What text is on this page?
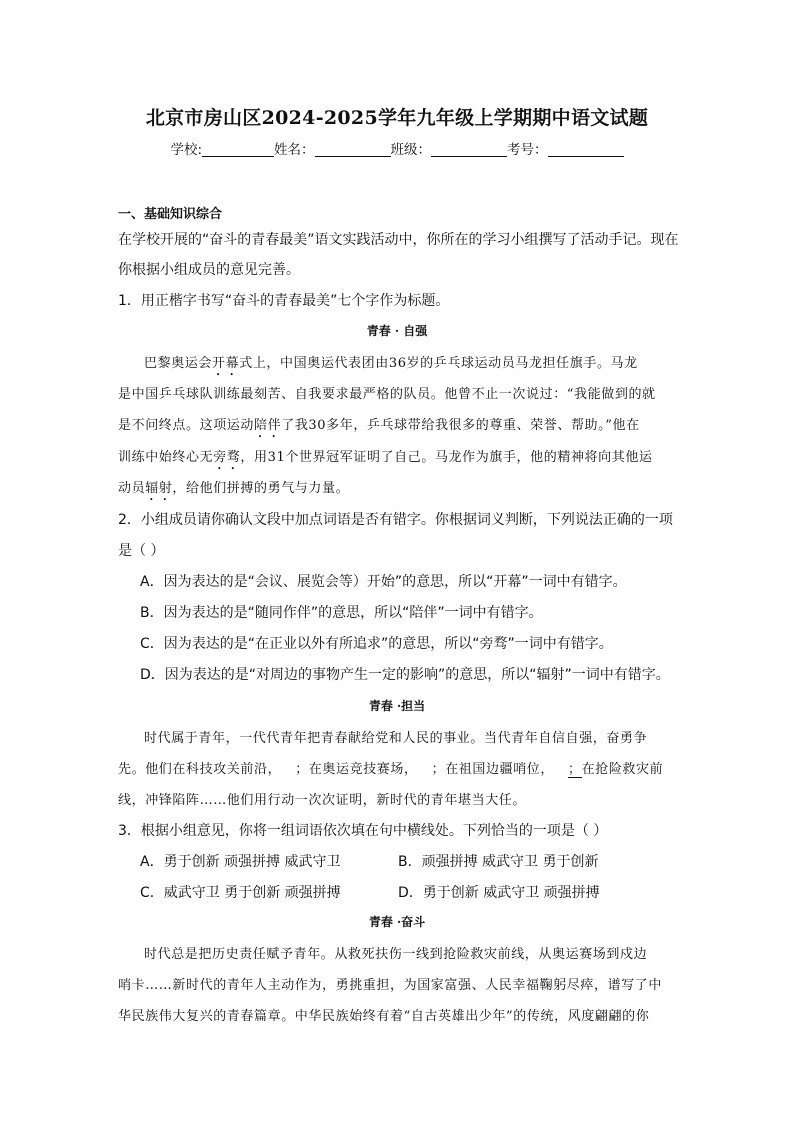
北京市房山区2024-2025学年九年级上学期期中语文试题
学校:	姓名：	班级：	考号：
一、基础知识综合
在学校开展的“奋斗的青春最美”语文实践活动中，你所在的学习小组撰写了活动手记。现在
你根据小组成员的意见完善。
1．用正楷字书写“奋斗的青春最美”七个字作为标题。
青春 · 自强
巴黎奥运会开幕式上，中国奥运代表团由36岁的乒乓球运动员马龙担任旗手。马龙
是中国乒乓球队训练最刻苦、自我要求最严格的队员。他曾不止一次说过：“我能做到的就
是不问终点。这项运动陪伴了我30多年，乒乓球带给我很多的尊重、荣誉、帮助。”他在
训练中始终心无旁骛，用31个世界冠军证明了自己。马龙作为旗手，他的精神将向其他运
动员辐射，给他们拼搏的勇气与力量。
2．小组成员请你确认文段中加点词语是否有错字。你根据词义判断，下列说法正确的一项
是（ ）
A．因为表达的是“会议、展览会等）开始”的意思，所以“开幕”一词中有错字。
B．因为表达的是“随同作伴”的意思，所以“陪伴”一词中有错字。
C．因为表达的是“在正业以外有所追求”的意思，所以“旁骛”一词中有错字。
D．因为表达的是“对周边的事物产生一定的影响”的意思，所以“辐射”一词中有错字。
青春 ·担当
时代属于青年，一代代青年把青春献给党和人民的事业。当代青年自信自强，奋勇争
先。他们在科技攻关前沿， ；在奥运竞技赛场， ；在祖国边疆哨位， ；在抢险救灾前
线，冲锋陷阵……他们用行动一次次证明，新时代的青年堪当大任。
3．根据小组意见，你将一组词语依次填在句中横线处。下列恰当的一项是（ ）
A．勇于创新 顽强拼搏 威武守卫	B．顽强拼搏 威武守卫 勇于创新
C．威武守卫 勇于创新 顽强拼搏	D．勇于创新 威武守卫 顽强拼搏
青春 ·奋斗
时代总是把历史责任赋予青年。从救死扶伤一线到抢险救灾前线，从奥运赛场到戍边
哨卡……新时代的青年人主动作为，勇挑重担，为国家富强、人民幸福鞠躬尽瘁，谱写了中
华民族伟大复兴的青春篇章。中华民族始终有着“自古英雄出少年”的传统，风度翩翩的你
